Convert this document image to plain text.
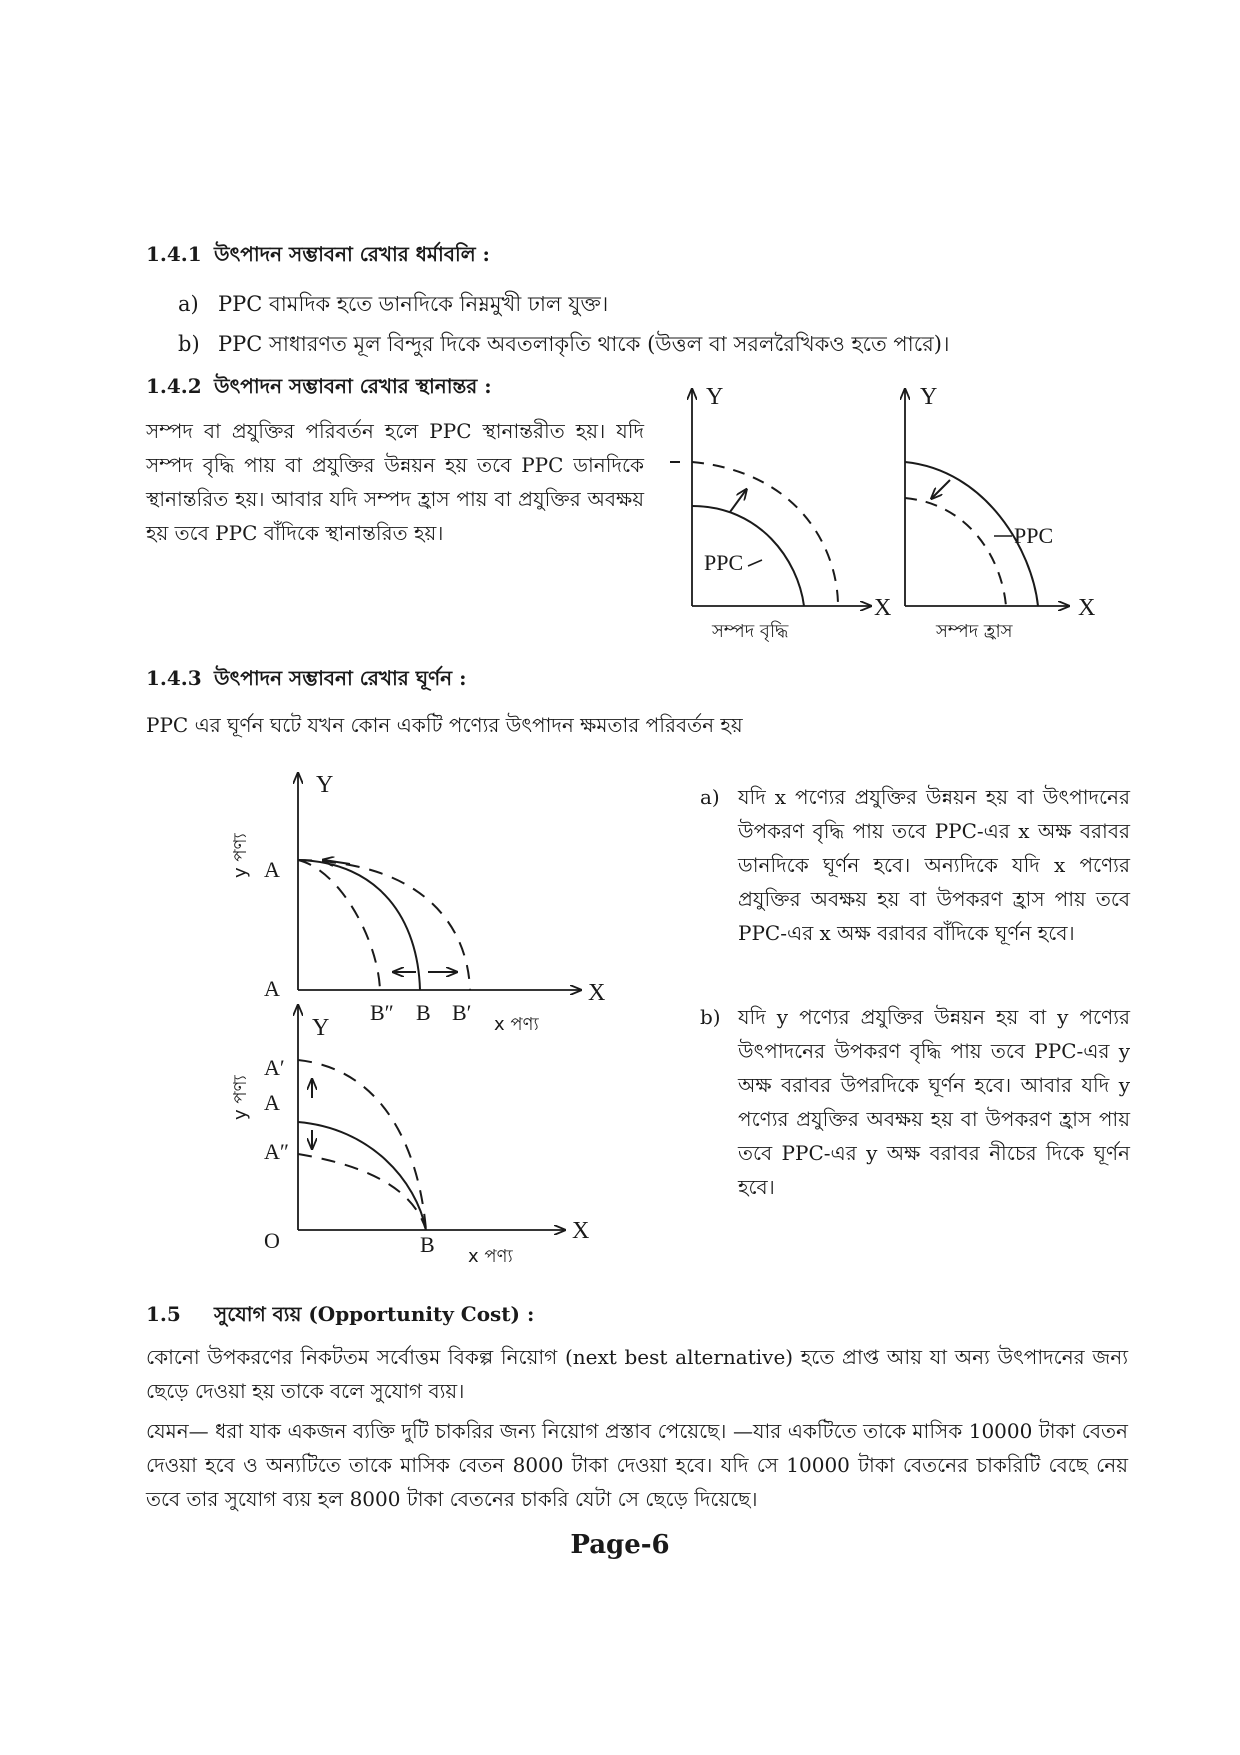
1.4.1 উৎপাদন সম্ভাবনা রেখার ধর্মাবলি :
a) PPC বামদিক হতে ডানদিকে নিম্নমুখী ঢাল যুক্ত।
b) PPC সাধারণত মূল বিন্দুর দিকে অবতলাকৃতি থাকে (উত্তল বা সরলরৈখিকও হতে পারে)।
1.4.2 উৎপাদন সম্ভাবনা রেখার স্থানান্তর :

সম্পদ বা প্রযুক্তির পরিবর্তন হলে PPC স্থানান্তরীত হয়। যদি সম্পদ বৃদ্ধি পায় বা প্রযুক্তির উন্নয়ন হয় তবে PPC ডানদিকে স্থানান্তরিত হয়। আবার যদি সম্পদ হ্রাস পায় বা প্রযুক্তির অবক্ষয় হয় তবে PPC বাঁদিকে স্থানান্তরিত হয়।

Y
X
PPC
সম্পদ বৃদ্ধি
Y
X
PPC
সম্পদ হ্রাস
1.4.3 উৎপাদন সম্ভাবনা রেখার ঘূর্ণন :

PPC এর ঘূর্ণন ঘটে যখন কোন একটি পণ্যের উৎপাদন ক্ষমতার পরিবর্তন হয়

Y
X
y পণ্য A
A
B″ B B′ x পণ্য
Y
X
y পণ্য
A′
A
A″
O	B x পণ্য
a) যদি x পণ্যের প্রযুক্তির উন্নয়ন হয় বা উৎপাদনের উপকরণ বৃদ্ধি পায় তবে PPC-এর x অক্ষ বরাবর ডানদিকে ঘূর্ণন হবে। অন্যদিকে যদি x পণ্যের প্রযুক্তির অবক্ষয় হয় বা উপকরণ হ্রাস পায় তবে PPC-এর x অক্ষ বরাবর বাঁদিকে ঘূর্ণন হবে।
b) যদি y পণ্যের প্রযুক্তির উন্নয়ন হয় বা y পণ্যের উৎপাদনের উপকরণ বৃদ্ধি পায় তবে PPC-এর y অক্ষ বরাবর উপরদিকে ঘূর্ণন হবে। আবার যদি y পণ্যের প্রযুক্তির অবক্ষয় হয় বা উপকরণ হ্রাস পায় তবে PPC-এর y অক্ষ বরাবর নীচের দিকে ঘূর্ণন হবে।
1.5 সুযোগ ব্যয় (Opportunity Cost) :

কোনো উপকরণের নিকটতম সর্বোত্তম বিকল্প নিয়োগ (next best alternative) হতে প্রাপ্ত আয় যা অন্য উৎপাদনের জন্য ছেড়ে দেওয়া হয় তাকে বলে সুযোগ ব্যয়।

যেমন— ধরা যাক একজন ব্যক্তি দুটি চাকরির জন্য নিয়োগ প্রস্তাব পেয়েছে। —যার একটিতে তাকে মাসিক 10000 টাকা বেতন দেওয়া হবে ও অন্যটিতে তাকে মাসিক বেতন 8000 টাকা দেওয়া হবে। যদি সে 10000 টাকা বেতনের চাকরিটি বেছে নেয় তবে তার সুযোগ ব্যয় হল 8000 টাকা বেতনের চাকরি যেটা সে ছেড়ে দিয়েছে।

Page-6
